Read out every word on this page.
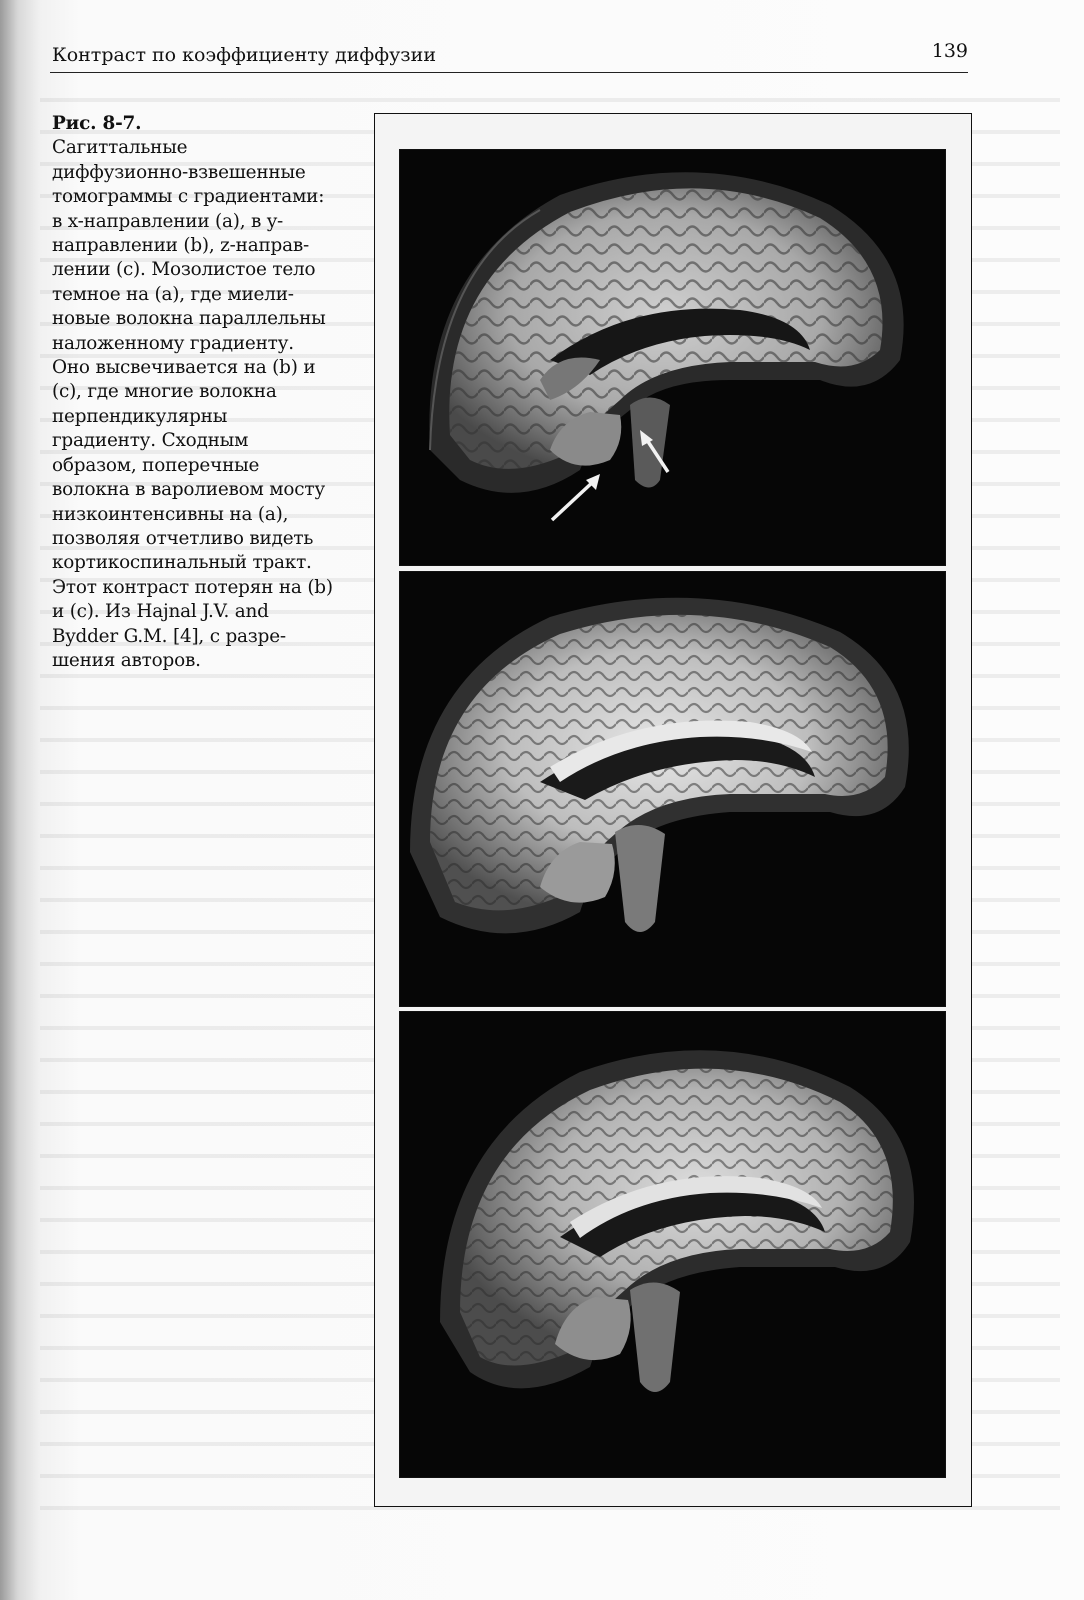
Контраст по коэффициенту диффузии	139
Рис. 8-7.
Сагиттальные
диффузионно-взвешенные
томограммы с градиентами:
в x-направлении (a), в y-
направлении (b), z-направ-
лении (c). Мозолистое тело
темное на (a), где миели-
новые волокна параллельны
наложенному градиенту.
Оно высвечивается на (b) и
(c), где многие волокна
перпендикулярны
градиенту. Сходным
образом, поперечные
волокна в варолиевом мосту
низкоинтенсивны на (a),
позволяя отчетливо видеть
кортикоспинальный тракт.
Этот контраст потерян на (b)
и (c). Из Hajnal J.V. and
Bydder G.M. [4], с разре-
шения авторов.
